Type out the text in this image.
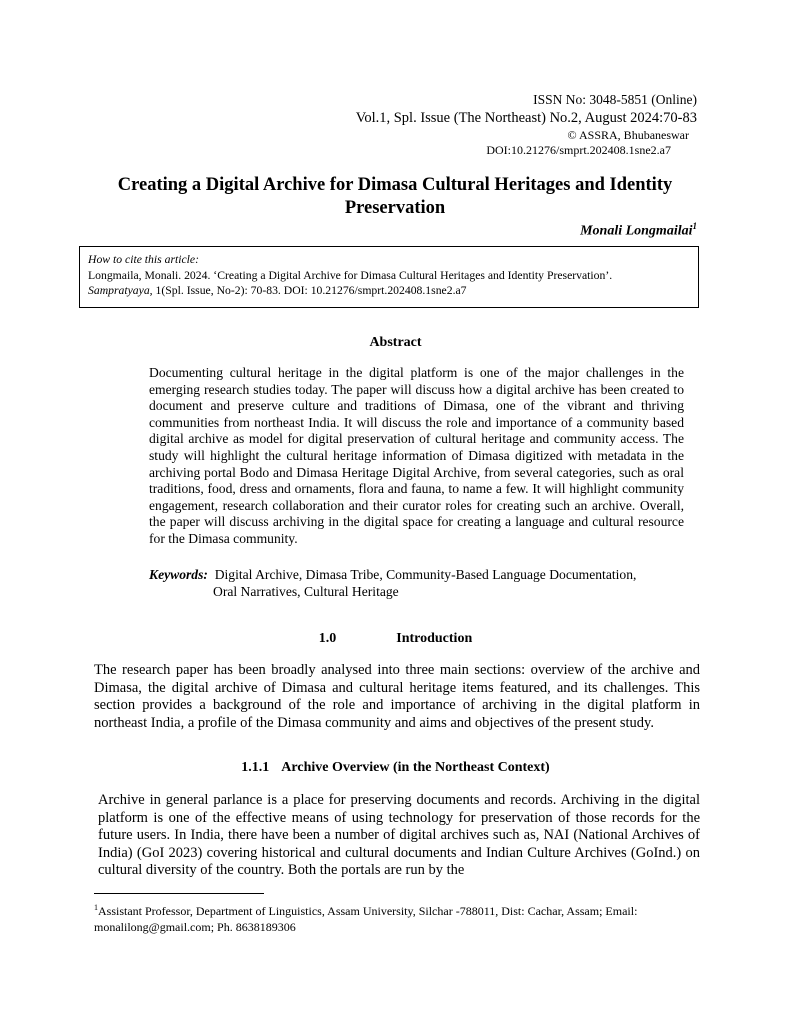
ISSN No: 3048-5851 (Online)
Vol.1, Spl. Issue (The Northeast) No.2, August 2024:70-83
© ASSRA, Bhubaneswar
DOI:10.21276/smprt.202408.1sne2.a7
Creating a Digital Archive for Dimasa Cultural Heritages and Identity Preservation
Monali Longmailai$^1$
How to cite this article:
Longmaila, Monali. 2024. ‘Creating a Digital Archive for Dimasa Cultural Heritages and Identity Preservation’.
Sampratyaya, 1(Spl. Issue, No-2): 70-83. DOI: 10.21276/smprt.202408.1sne2.a7
Abstract
Documenting cultural heritage in the digital platform is one of the major challenges in the emerging research studies today. The paper will discuss how a digital archive has been created to document and preserve culture and traditions of Dimasa, one of the vibrant and thriving communities from northeast India. It will discuss the role and importance of a community based digital archive as model for digital preservation of cultural heritage and community access. The study will highlight the cultural heritage information of Dimasa digitized with metadata in the archiving portal Bodo and Dimasa Heritage Digital Archive, from several categories, such as oral traditions, food, dress and ornaments, flora and fauna, to name a few. It will highlight community engagement, research collaboration and their curator roles for creating such an archive. Overall, the paper will discuss archiving in the digital space for creating a language and cultural resource for the Dimasa community.
Keywords: Digital Archive, Dimasa Tribe, Community-Based Language Documentation,
Oral Narratives, Cultural Heritage
1.0	Introduction
The research paper has been broadly analysed into three main sections: overview of the archive and Dimasa, the digital archive of Dimasa and cultural heritage items featured, and its challenges. This section provides a background of the role and importance of archiving in the digital platform in northeast India, a profile of the Dimasa community and aims and objectives of the present study.
1.1.1 Archive Overview (in the Northeast Context)
Archive in general parlance is a place for preserving documents and records. Archiving in the digital platform is one of the effective means of using technology for preservation of those records for the future users. In India, there have been a number of digital archives such as, NAI (National Archives of India) (GoI 2023) covering historical and cultural documents and Indian Culture Archives (GoInd.) on cultural diversity of the country. Both the portals are run by the
$^1$Assistant Professor, Department of Linguistics, Assam University, Silchar -788011, Dist: Cachar, Assam; Email: monalilong@gmail.com; Ph. 8638189306
